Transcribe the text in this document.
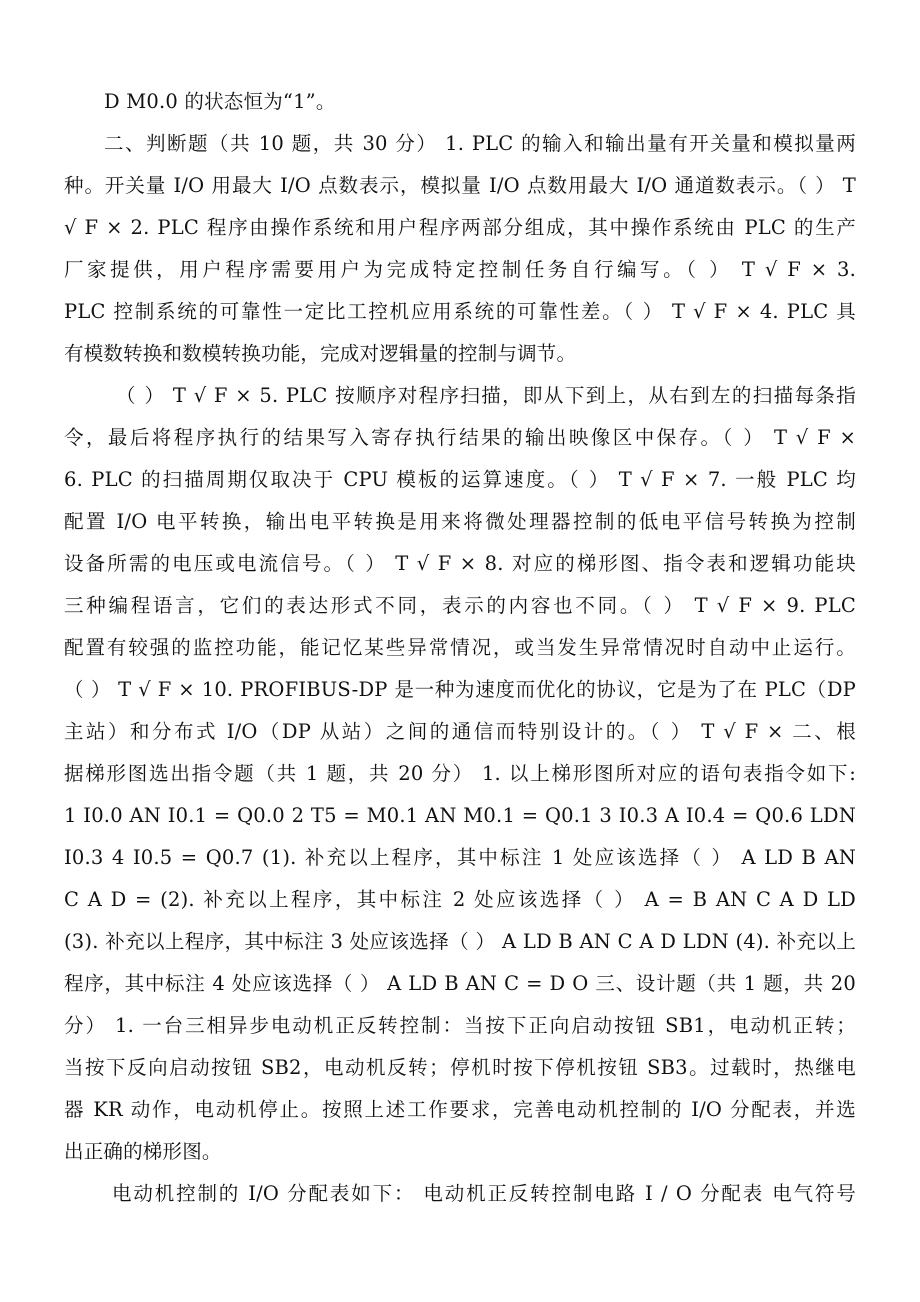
D M0.0 的状态恒为“1”。
二、判断题（共 10 题，共 30 分） 1. PLC 的输入和输出量有开关量和模拟量两
种。开关量 I/O 用最大 I/O 点数表示，模拟量 I/O 点数用最大 I/O 通道数表示。（ ） T
√ F × 2. PLC 程序由操作系统和用户程序两部分组成，其中操作系统由 PLC 的生产
厂家提供，用户程序需要用户为完成特定控制任务自行编写。（ ） T √ F × 3.
PLC 控制系统的可靠性一定比工控机应用系统的可靠性差。（ ） T √ F × 4. PLC 具
有模数转换和数模转换功能，完成对逻辑量的控制与调节。
（ ） T √ F × 5. PLC 按顺序对程序扫描，即从下到上，从右到左的扫描每条指
令，最后将程序执行的结果写入寄存执行结果的输出映像区中保存。（ ） T √ F ×
6. PLC 的扫描周期仅取决于 CPU 模板的运算速度。（ ） T √ F × 7. 一般 PLC 均
配置 I/O 电平转换，输出电平转换是用来将微处理器控制的低电平信号转换为控制
设备所需的电压或电流信号。（ ） T √ F × 8. 对应的梯形图、指令表和逻辑功能块
三种编程语言，它们的表达形式不同，表示的内容也不同。（ ） T √ F × 9. PLC
配置有较强的监控功能，能记忆某些异常情况，或当发生异常情况时自动中止运行。
（ ） T √ F × 10. PROFIBUS-DP 是一种为速度而优化的协议，它是为了在 PLC（DP
主站）和分布式 I/O（DP 从站）之间的通信而特别设计的。（ ） T √ F × 二、根
据梯形图选出指令题（共 1 题，共 20 分） 1. 以上梯形图所对应的语句表指令如下:
1 I0.0 AN I0.1 = Q0.0 2 T5 = M0.1 AN M0.1 = Q0.1 3 I0.3 A I0.4 = Q0.6 LDN
I0.3 4 I0.5 = Q0.7 (1). 补充以上程序，其中标注 1 处应该选择（ ） A LD B AN
C A D = (2). 补充以上程序，其中标注 2 处应该选择（ ） A = B AN C A D LD
(3). 补充以上程序，其中标注 3 处应该选择（ ） A LD B AN C A D LDN (4). 补充以上
程序，其中标注 4 处应该选择（ ） A LD B AN C = D O 三、设计题（共 1 题，共 20
分） 1. 一台三相异步电动机正反转控制：当按下正向启动按钮 SB1，电动机正转；
当按下反向启动按钮 SB2，电动机反转；停机时按下停机按钮 SB3。过载时，热继电
器 KR 动作，电动机停止。按照上述工作要求，完善电动机控制的 I/O 分配表，并选
出正确的梯形图。
电动机控制的 I/O 分配表如下： 电动机正反转控制电路 I / O 分配表 电气符号
